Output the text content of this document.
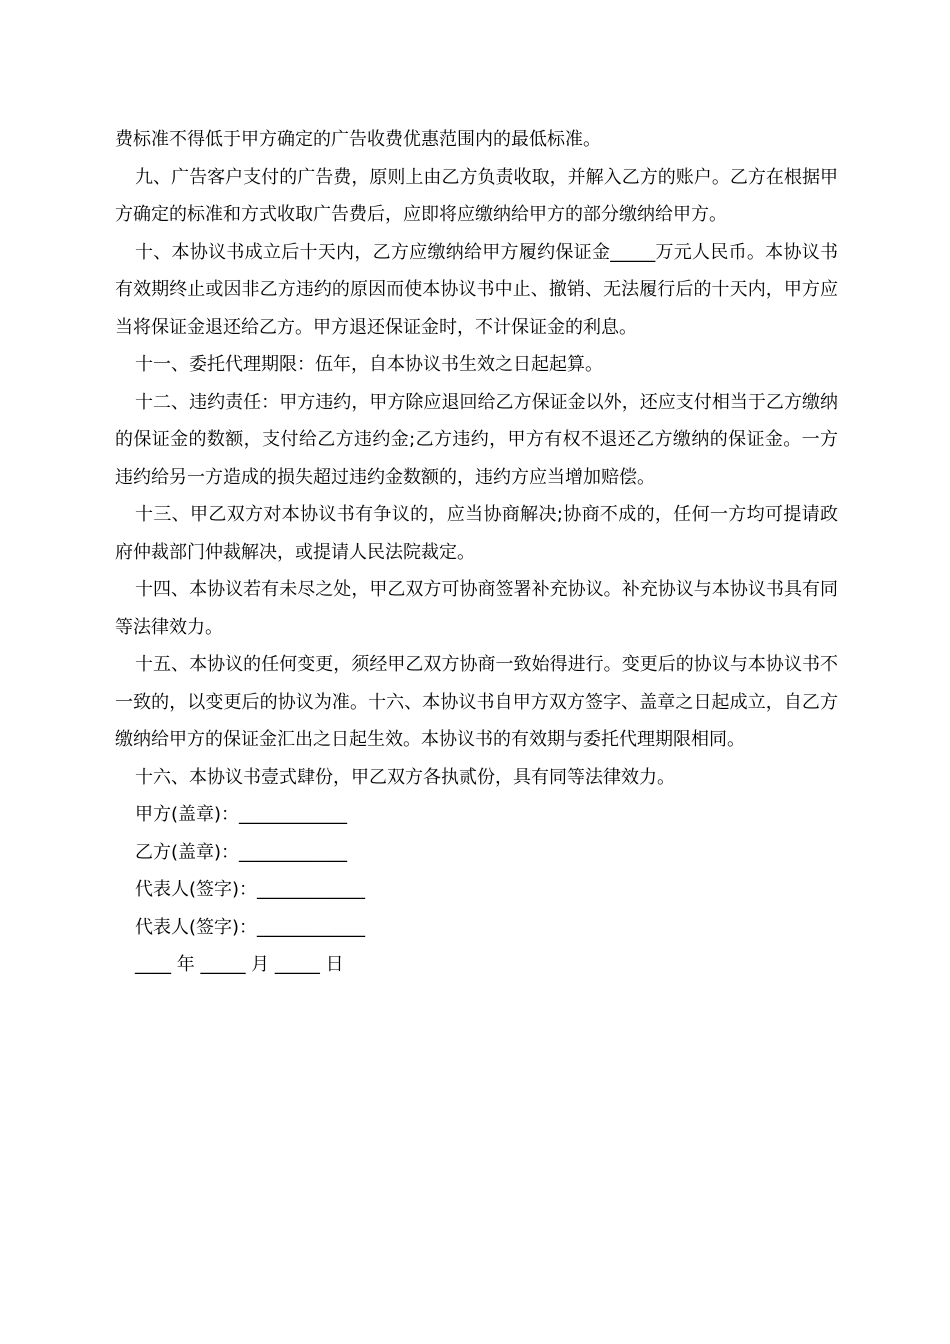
费标准不得低于甲方确定的广告收费优惠范围内的最低标准。

九、广告客户支付的广告费，原则上由乙方负责收取，并解入乙方的账户。乙方在根据甲方确定的标准和方式收取广告费后，应即将应缴纳给甲方的部分缴纳给甲方。

十、本协议书成立后十天内，乙方应缴纳给甲方履约保证金_____万元人民币。本协议书有效期终止或因非乙方违约的原因而使本协议书中止、撤销、无法履行后的十天内，甲方应当将保证金退还给乙方。甲方退还保证金时，不计保证金的利息。

十一、委托代理期限：伍年，自本协议书生效之日起起算。

十二、违约责任：甲方违约，甲方除应退回给乙方保证金以外，还应支付相当于乙方缴纳的保证金的数额，支付给乙方违约金;乙方违约，甲方有权不退还乙方缴纳的保证金。一方违约给另一方造成的损失超过违约金数额的，违约方应当增加赔偿。

十三、甲乙双方对本协议书有争议的，应当协商解决;协商不成的，任何一方均可提请政府仲裁部门仲裁解决，或提请人民法院裁定。

十四、本协议若有未尽之处，甲乙双方可协商签署补充协议。补充协议与本协议书具有同等法律效力。

十五、本协议的任何变更，须经甲乙双方协商一致始得进行。变更后的协议与本协议书不一致的，以变更后的协议为准。十六、本协议书自甲方双方签字、盖章之日起成立，自乙方缴纳给甲方的保证金汇出之日起生效。本协议书的有效期与委托代理期限相同。

十六、本协议书壹式肆份，甲乙双方各执贰份，具有同等法律效力。

甲方(盖章)：____________

乙方(盖章)：____________

代表人(签字)：____________

代表人(签字)：____________

____ 年 _____ 月 _____ 日
